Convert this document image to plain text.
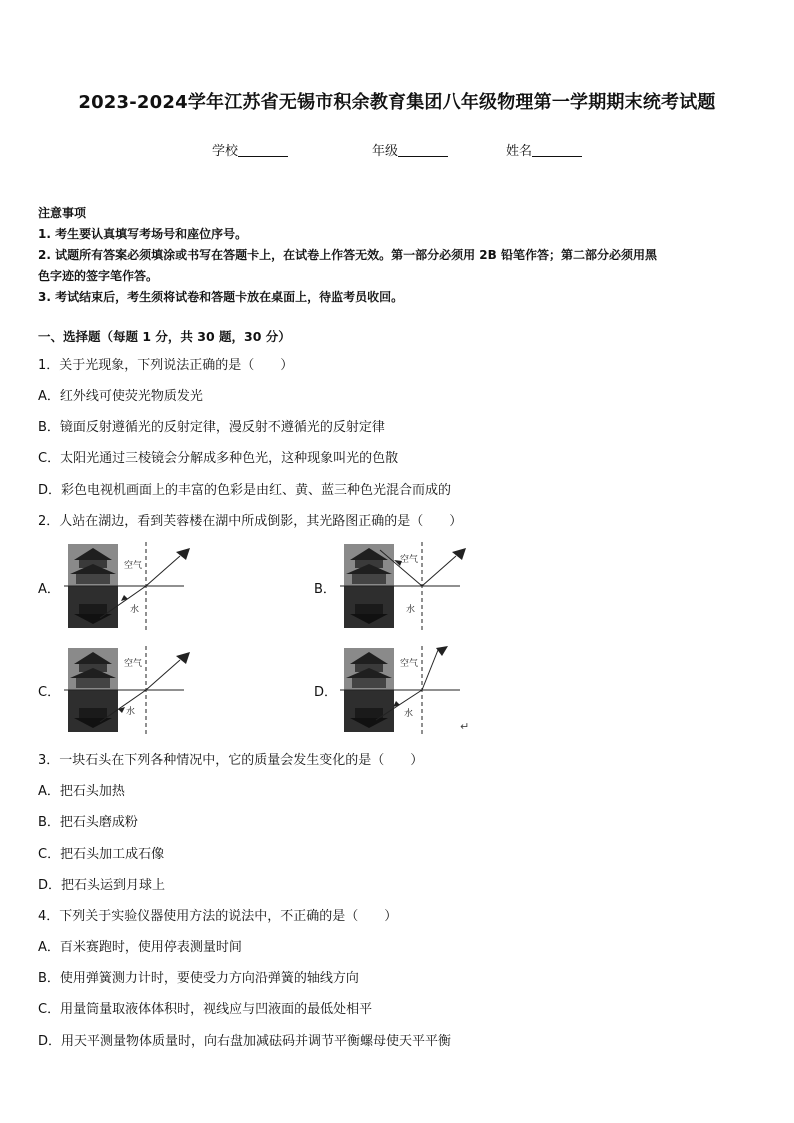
2023-2024学年江苏省无锡市积余教育集团八年级物理第一学期期末统考试题
学校	年级	姓名
注意事项
1. 考生要认真填写考场号和座位序号。
2. 试题所有答案必须填涂或书写在答题卡上，在试卷上作答无效。第一部分必须用 2B 铅笔作答；第二部分必须用黑
色字迹的签字笔作答。
3. 考试结束后，考生须将试卷和答题卡放在桌面上，待监考员收回。
一、选择题（每题 1 分，共 30 题，30 分）
1．关于光现象，下列说法正确的是（　　）
A．红外线可使荧光物质发光
B．镜面反射遵循光的反射定律，漫反射不遵循光的反射定律
C．太阳光通过三棱镜会分解成多种色光，这种现象叫光的色散
D．彩色电视机画面上的丰富的色彩是由红、黄、蓝三种色光混合而成的
2．人站在湖边，看到芙蓉楼在湖中所成倒影，其光路图正确的是（　　）
A．	B．
C．	D．
空气
水
空气
水
空气
水
空气
水
↵
3．一块石头在下列各种情况中，它的质量会发生变化的是（　　）
A．把石头加热
B．把石头磨成粉
C．把石头加工成石像
D．把石头运到月球上
4．下列关于实验仪器使用方法的说法中，不正确的是（　　）
A．百米赛跑时，使用停表测量时间
B．使用弹簧测力计时，要使受力方向沿弹簧的轴线方向
C．用量筒量取液体体积时，视线应与凹液面的最低处相平
D．用天平测量物体质量时，向右盘加减砝码并调节平衡螺母使天平平衡
